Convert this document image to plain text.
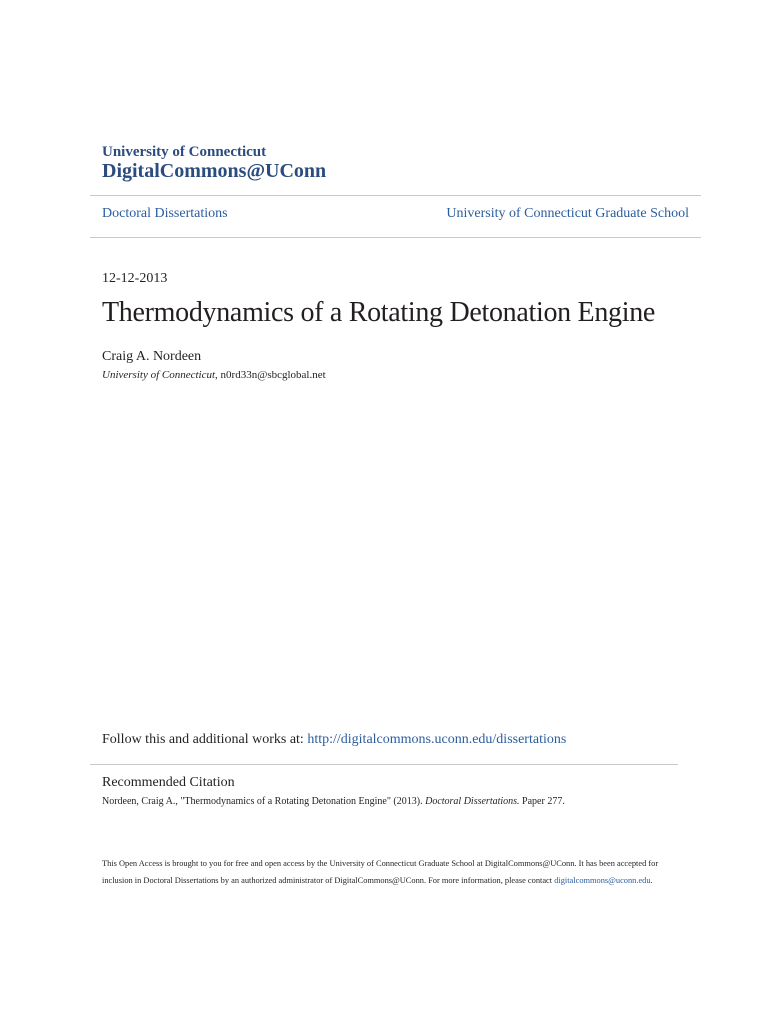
University of Connecticut
DigitalCommons@UConn
Doctoral Dissertations	University of Connecticut Graduate School
12-12-2013
Thermodynamics of a Rotating Detonation Engine
Craig A. Nordeen
University of Connecticut, n0rd33n@sbcglobal.net
Follow this and additional works at: http://digitalcommons.uconn.edu/dissertations
Recommended Citation
Nordeen, Craig A., "Thermodynamics of a Rotating Detonation Engine" (2013). Doctoral Dissertations. Paper 277.
This Open Access is brought to you for free and open access by the University of Connecticut Graduate School at DigitalCommons@UConn. It has been accepted for inclusion in Doctoral Dissertations by an authorized administrator of DigitalCommons@UConn. For more information, please contact digitalcommons@uconn.edu.
